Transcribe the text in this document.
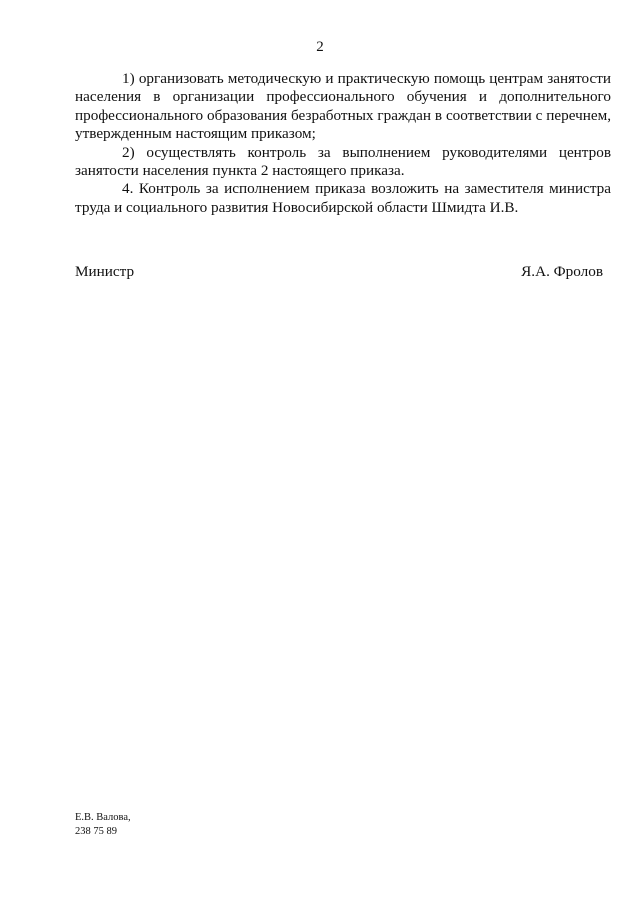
2

1) организовать методическую и практическую помощь центрам занятости населения в организации профессионального обучения и дополнительного профессионального образования безработных граждан в соответствии с перечнем, утвержденным настоящим приказом;

2) осуществлять контроль за выполнением руководителями центров занятости населения пункта 2 настоящего приказа.

4. Контроль за исполнением приказа возложить на заместителя министра труда и социального развития Новосибирской области Шмидта И.В.

Министр	Я.А. Фролов
Е.В. Валова,
238 75 89
